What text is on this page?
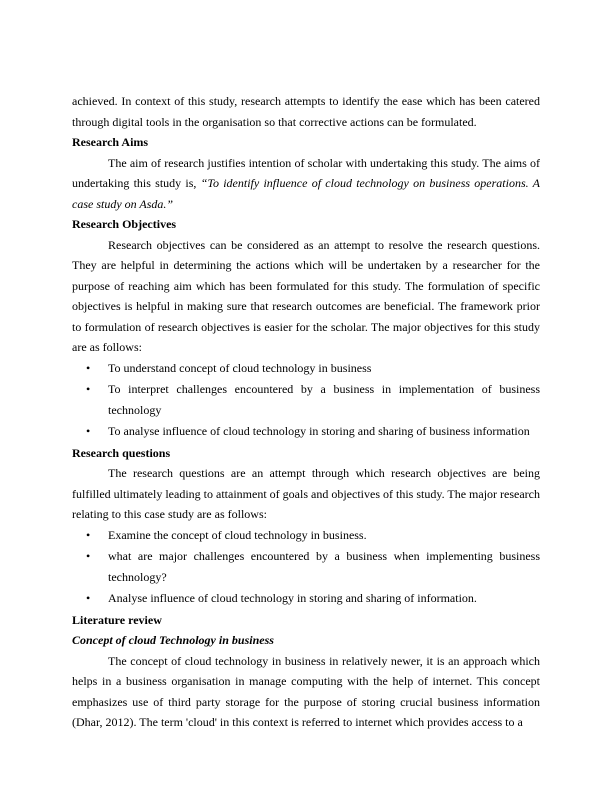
achieved. In context of this study, research attempts to identify the ease which has been catered through digital tools in the organisation so that corrective actions can be formulated.

Research Aims

The aim of research justifies intention of scholar with undertaking this study. The aims of undertaking this study is, “To identify influence of cloud technology on business operations. A case study on Asda.”

Research Objectives

Research objectives can be considered as an attempt to resolve the research questions. They are helpful in determining the actions which will be undertaken by a researcher for the purpose of reaching aim which has been formulated for this study. The formulation of specific objectives is helpful in making sure that research outcomes are beneficial. The framework prior to formulation of research objectives is easier for the scholar. The major objectives for this study are as follows:

• To understand concept of cloud technology in business
• To interpret challenges encountered by a business in implementation of business technology
• To analyse influence of cloud technology in storing and sharing of business information
Research questions

The research questions are an attempt through which research objectives are being fulfilled ultimately leading to attainment of goals and objectives of this study. The major research relating to this case study are as follows:

• Examine the concept of cloud technology in business.
• what are major challenges encountered by a business when implementing business technology?
• Analyse influence of cloud technology in storing and sharing of information.
Literature review
Concept of cloud Technology in business

The concept of cloud technology in business in relatively newer, it is an approach which helps in a business organisation in manage computing with the help of internet. This concept emphasizes use of third party storage for the purpose of storing crucial business information (Dhar, 2012). The term 'cloud' in this context is referred to internet which provides access to a
